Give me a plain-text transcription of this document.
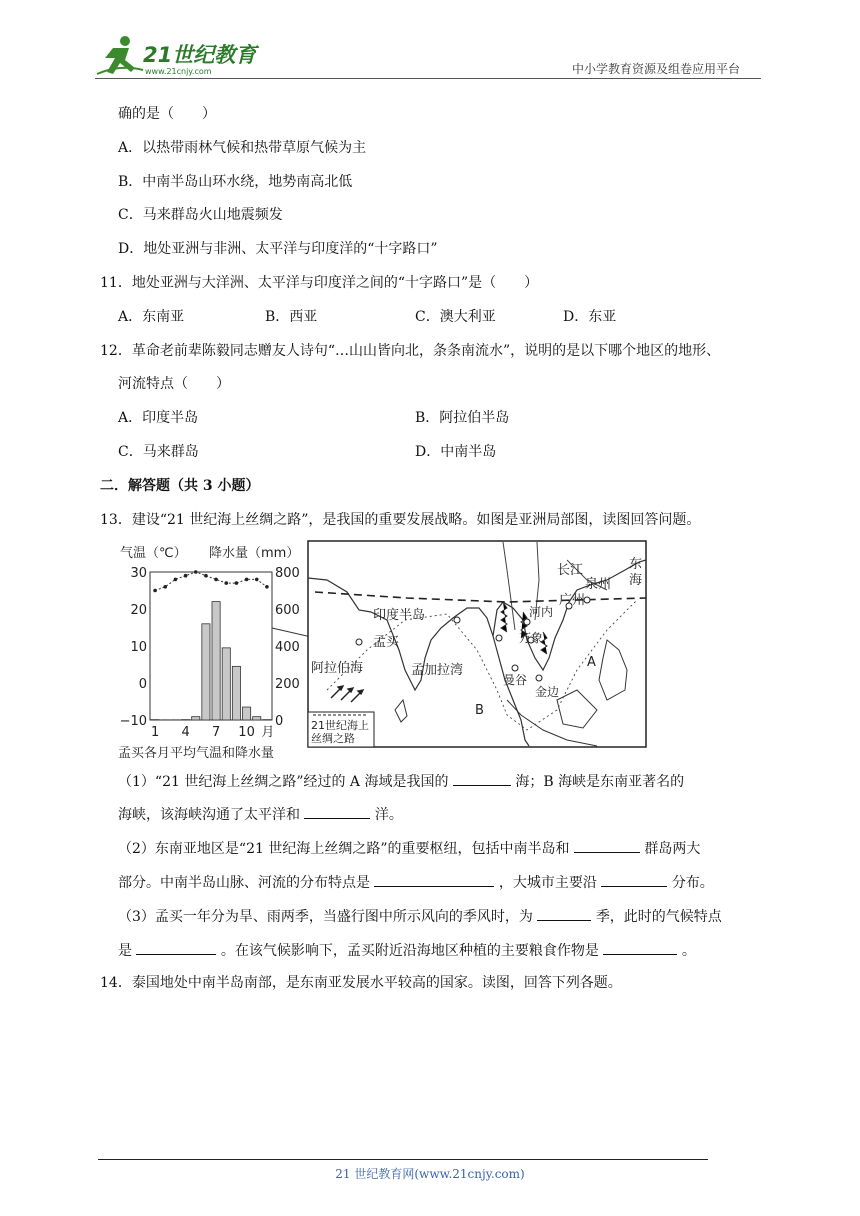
21世纪教育
www.21cnjy.com	中小学教育资源及组卷应用平台
确的是（　　）
A．以热带雨林气候和热带草原气候为主
B．中南半岛山环水绕，地势南高北低
C．马来群岛火山地震频发
D．地处亚洲与非洲、太平洋与印度洋的“十字路口”
11．地处亚洲与大洋洲、太平洋与印度洋之间的“十字路口”是（　　）
A．东南亚	B．西亚	C．澳大利亚	D．东亚
12．革命老前辈陈毅同志赠友人诗句“…山山皆向北，条条南流水”，说明的是以下哪个地区的地形、
河流特点（　　）
A．印度半岛	B．阿拉伯半岛
C．马来群岛	D．中南半岛
二．解答题（共 3 小题）
13．建设“21 世纪海上丝绸之路”，是我国的重要发展战略。如图是亚洲局部图，读图回答问题。
气温（℃） 降水量（mm）
30
20
10
0
−10
800
600
400
200
0
1 4 7 10 月
孟买各月平均气温和降水量
21世纪海上
丝绸之路
印度半岛
孟买
阿拉伯海	孟加拉湾
长江
泉州
广州
东
海
河内
万象
曼谷
金边
A
B
（1）“21 世纪海上丝绸之路”经过的 A 海域是我国的	海；B 海峡是东南亚著名的
海峡，该海峡沟通了太平洋和	洋。
（2）东南亚地区是“21 世纪海上丝绸之路”的重要枢纽，包括中南半岛和	群岛两大
部分。中南半岛山脉、河流的分布特点是	，大城市主要沿	分布。
（3）孟买一年分为旱、雨两季，当盛行图中所示风向的季风时，为	季，此时的气候特点
是	。在该气候影响下，孟买附近沿海地区种植的主要粮食作物是	。
14．泰国地处中南半岛南部，是东南亚发展水平较高的国家。读图，回答下列各题。
21 世纪教育网(www.21cnjy.com)
